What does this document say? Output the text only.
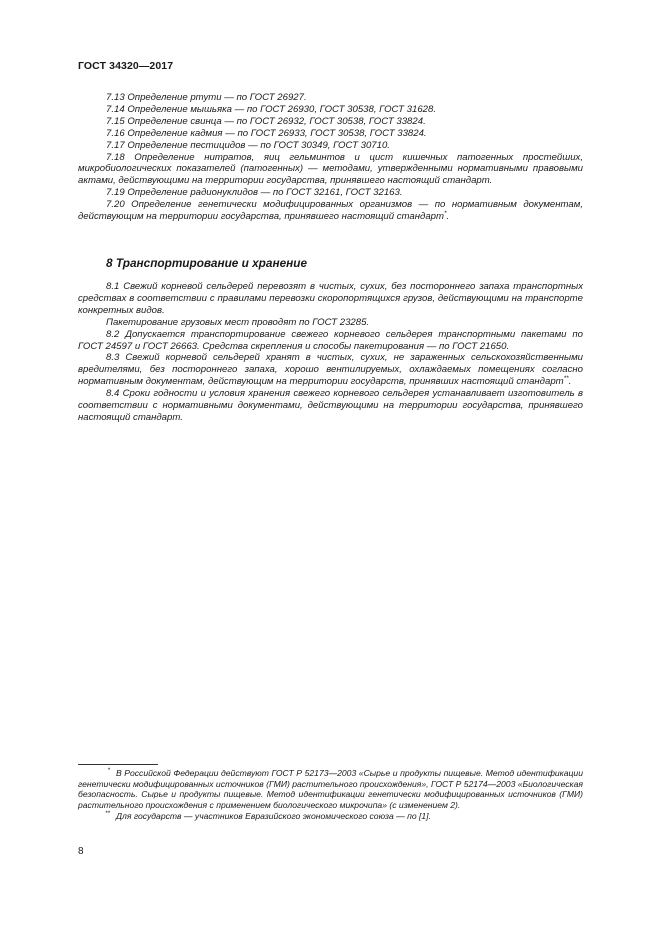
ГОСТ 34320—2017

7.13 Определение ртути — по ГОСТ 26927.

7.14 Определение мышьяка — по ГОСТ 26930, ГОСТ 30538, ГОСТ 31628.

7.15 Определение свинца — по ГОСТ 26932, ГОСТ 30538, ГОСТ 33824.

7.16 Определение кадмия — по ГОСТ 26933, ГОСТ 30538, ГОСТ 33824.

7.17 Определение пестицидов — по ГОСТ 30349, ГОСТ 30710.

7.18 Определение нитратов, яиц гельминтов и цист кишечных патогенных простейших, микробиологических показателей (патогенных) — методами, утвержденными нормативными правовыми актами, действующими на территории государства, принявшего настоящий стандарт.

7.19 Определение радионуклидов — по ГОСТ 32161, ГОСТ 32163.

7.20 Определение генетически модифицированных организмов — по нормативным документам, действующим на территории государства, принявшего настоящий стандарт*.

8 Транспортирование и хранение

8.1 Свежий корневой сельдерей перевозят в чистых, сухих, без постороннего запаха транспортных средствах в соответствии с правилами перевозки скоропортящихся грузов, действующими на транспорте конкретных видов.

Пакетирование грузовых мест проводят по ГОСТ 23285.

8.2 Допускается транспортирование свежего корневого сельдерея транспортными пакетами по ГОСТ 24597 и ГОСТ 26663. Средства скрепления и способы пакетирования — по ГОСТ 21650.

8.3 Свежий корневой сельдерей хранят в чистых, сухих, не зараженных сельскохозяйственными вредителями, без постороннего запаха, хорошо вентилируемых, охлаждаемых помещениях согласно нормативным документам, действующим на территории государств, принявших настоящий стандарт**.

8.4 Сроки годности и условия хранения свежего корневого сельдерея устанавливает изготовитель в соответствии с нормативными документами, действующими на территории государства, принявшего настоящий стандарт.

* В Российской Федерации действуют ГОСТ Р 52173—2003 «Сырье и продукты пищевые. Метод идентификации генетически модифицированных источников (ГМИ) растительного происхождения», ГОСТ Р 52174—2003 «Биологическая безопасность. Сырье и продукты пищевые. Метод идентификации генетически модифицированных источников (ГМИ) растительного происхождения с применением биологического микрочипа» (с изменением 2).

** Для государств — участников Евразийского экономического союза — по [1].

8
